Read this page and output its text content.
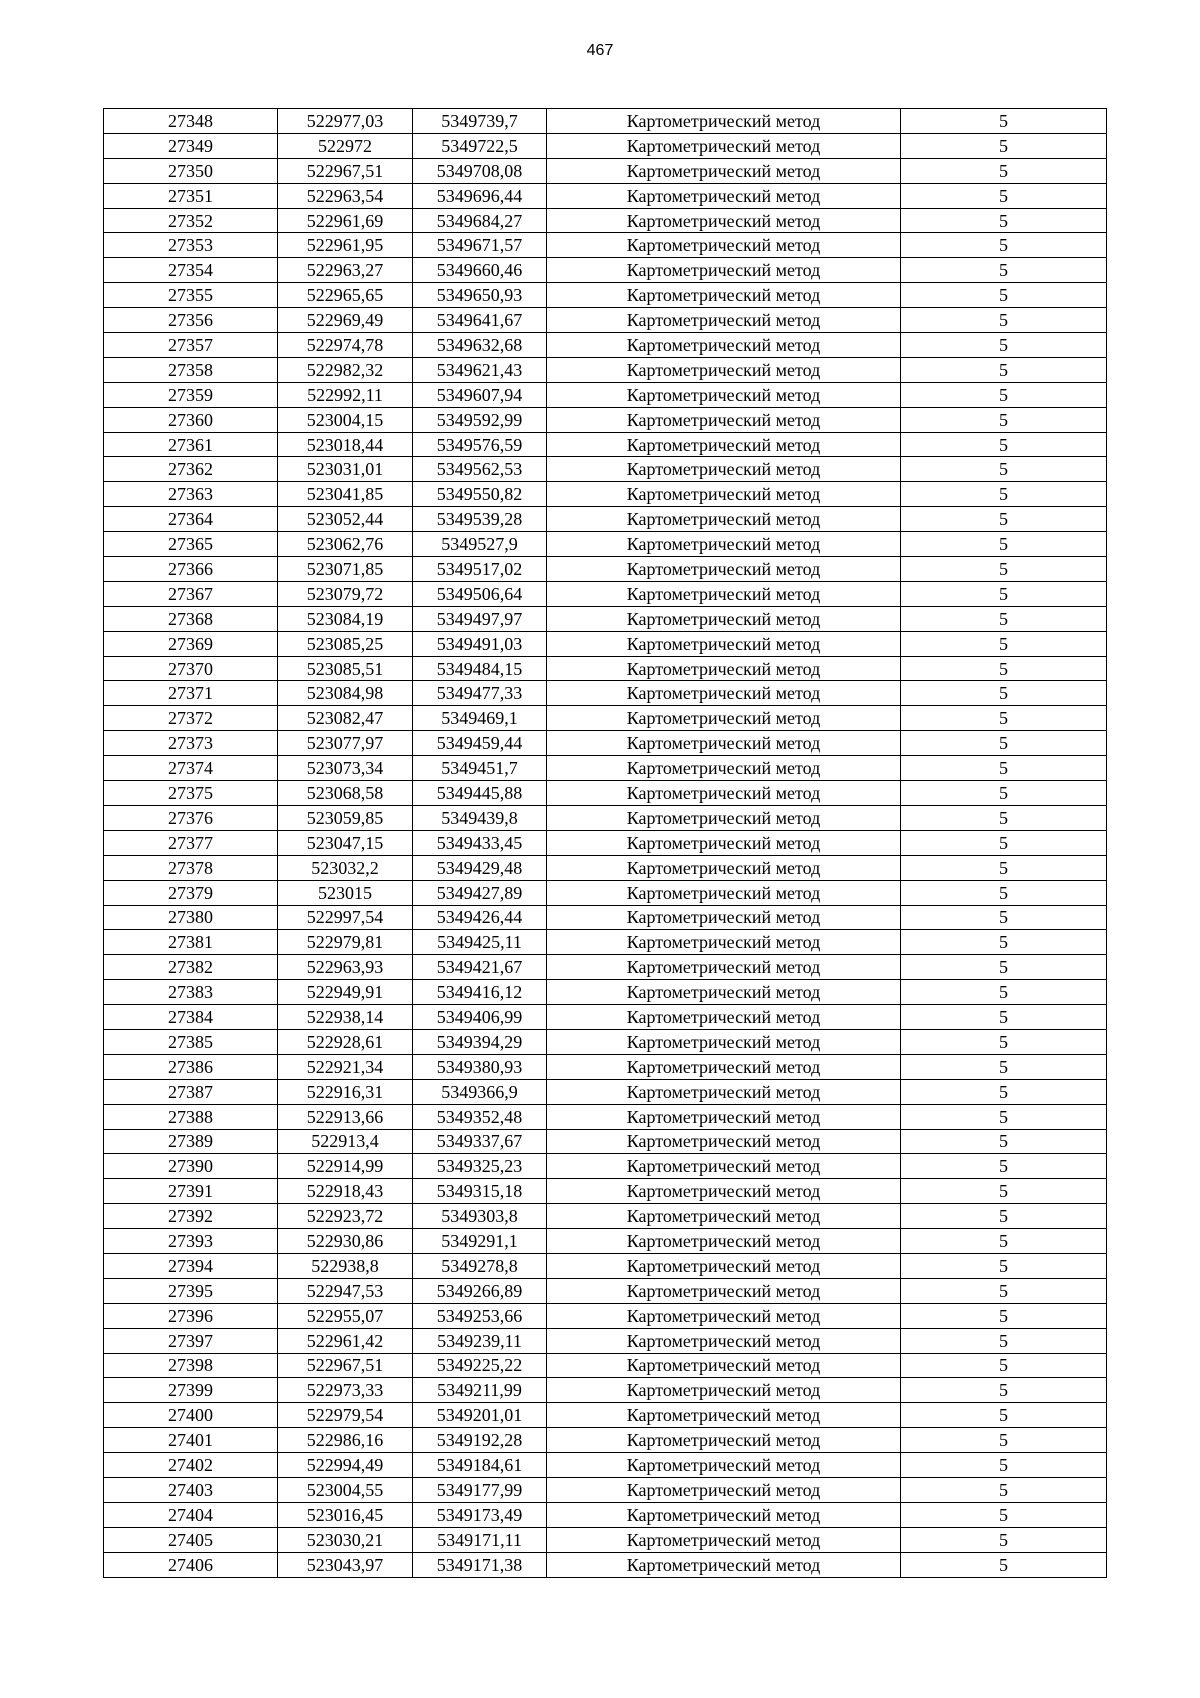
467
27348	522977,03	5349739,7	Картометрический метод	5
27349	522972	5349722,5	Картометрический метод	5
27350	522967,51	5349708,08	Картометрический метод	5
27351	522963,54	5349696,44	Картометрический метод	5
27352	522961,69	5349684,27	Картометрический метод	5
27353	522961,95	5349671,57	Картометрический метод	5
27354	522963,27	5349660,46	Картометрический метод	5
27355	522965,65	5349650,93	Картометрический метод	5
27356	522969,49	5349641,67	Картометрический метод	5
27357	522974,78	5349632,68	Картометрический метод	5
27358	522982,32	5349621,43	Картометрический метод	5
27359	522992,11	5349607,94	Картометрический метод	5
27360	523004,15	5349592,99	Картометрический метод	5
27361	523018,44	5349576,59	Картометрический метод	5
27362	523031,01	5349562,53	Картометрический метод	5
27363	523041,85	5349550,82	Картометрический метод	5
27364	523052,44	5349539,28	Картометрический метод	5
27365	523062,76	5349527,9	Картометрический метод	5
27366	523071,85	5349517,02	Картометрический метод	5
27367	523079,72	5349506,64	Картометрический метод	5
27368	523084,19	5349497,97	Картометрический метод	5
27369	523085,25	5349491,03	Картометрический метод	5
27370	523085,51	5349484,15	Картометрический метод	5
27371	523084,98	5349477,33	Картометрический метод	5
27372	523082,47	5349469,1	Картометрический метод	5
27373	523077,97	5349459,44	Картометрический метод	5
27374	523073,34	5349451,7	Картометрический метод	5
27375	523068,58	5349445,88	Картометрический метод	5
27376	523059,85	5349439,8	Картометрический метод	5
27377	523047,15	5349433,45	Картометрический метод	5
27378	523032,2	5349429,48	Картометрический метод	5
27379	523015	5349427,89	Картометрический метод	5
27380	522997,54	5349426,44	Картометрический метод	5
27381	522979,81	5349425,11	Картометрический метод	5
27382	522963,93	5349421,67	Картометрический метод	5
27383	522949,91	5349416,12	Картометрический метод	5
27384	522938,14	5349406,99	Картометрический метод	5
27385	522928,61	5349394,29	Картометрический метод	5
27386	522921,34	5349380,93	Картометрический метод	5
27387	522916,31	5349366,9	Картометрический метод	5
27388	522913,66	5349352,48	Картометрический метод	5
27389	522913,4	5349337,67	Картометрический метод	5
27390	522914,99	5349325,23	Картометрический метод	5
27391	522918,43	5349315,18	Картометрический метод	5
27392	522923,72	5349303,8	Картометрический метод	5
27393	522930,86	5349291,1	Картометрический метод	5
27394	522938,8	5349278,8	Картометрический метод	5
27395	522947,53	5349266,89	Картометрический метод	5
27396	522955,07	5349253,66	Картометрический метод	5
27397	522961,42	5349239,11	Картометрический метод	5
27398	522967,51	5349225,22	Картометрический метод	5
27399	522973,33	5349211,99	Картометрический метод	5
27400	522979,54	5349201,01	Картометрический метод	5
27401	522986,16	5349192,28	Картометрический метод	5
27402	522994,49	5349184,61	Картометрический метод	5
27403	523004,55	5349177,99	Картометрический метод	5
27404	523016,45	5349173,49	Картометрический метод	5
27405	523030,21	5349171,11	Картометрический метод	5
27406	523043,97	5349171,38	Картометрический метод	5
